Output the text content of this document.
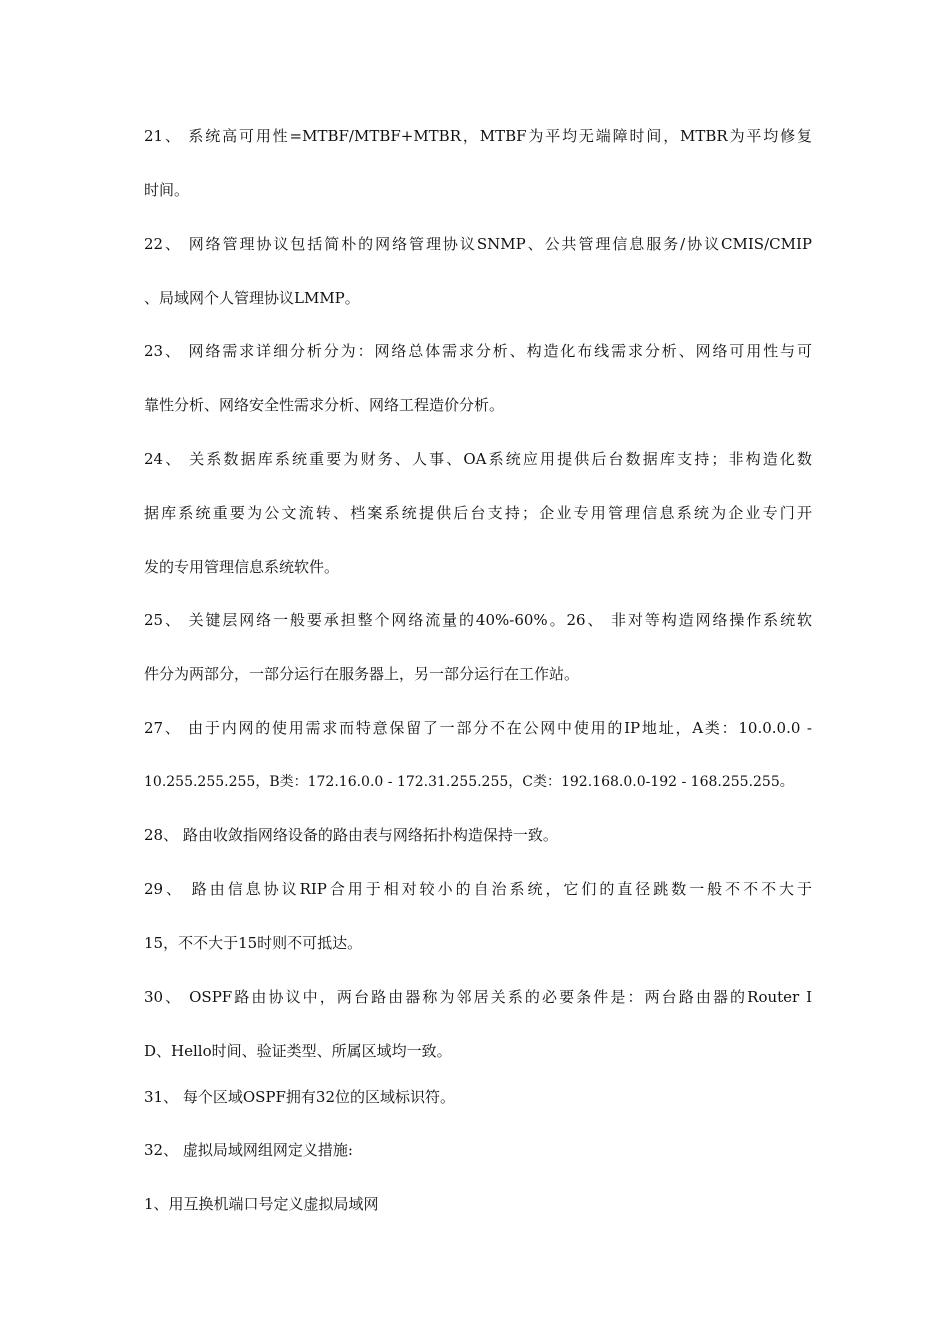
21、 系统高可用性=MTBF/MTBF+MTBR，MTBF为平均无端障时间，MTBR为平均修复
时间。
22、 网络管理协议包括简朴的网络管理协议SNMP、公共管理信息服务/协议CMIS/CMIP
、局域网个人管理协议LMMP。
23、 网络需求详细分析分为：网络总体需求分析、构造化布线需求分析、网络可用性与可
靠性分析、网络安全性需求分析、网络工程造价分析。
24、 关系数据库系统重要为财务、人事、OA系统应用提供后台数据库支持；非构造化数
据库系统重要为公文流转、档案系统提供后台支持；企业专用管理信息系统为企业专门开
发的专用管理信息系统软件。
25、 关键层网络一般要承担整个网络流量的40%-60%。26、 非对等构造网络操作系统软
件分为两部分，一部分运行在服务器上，另一部分运行在工作站。
27、 由于内网的使用需求而特意保留了一部分不在公网中使用的IP地址，A类：10.0.0.0 -
10.255.255.255，B类：172.16.0.0 - 172.31.255.255，C类：192.168.0.0-192 - 168.255.255。
28、 路由收敛指网络设备的路由表与网络拓扑构造保持一致。
29、 路由信息协议RIP合用于相对较小的自治系统，它们的直径跳数一般不不不大于
15，不不大于15时则不可抵达。
30、 OSPF路由协议中，两台路由器称为邻居关系的必要条件是：两台路由器的Router I
D、Hello时间、验证类型、所属区域均一致。
31、 每个区域OSPF拥有32位的区域标识符。
32、 虚拟局域网组网定义措施:
1、用互换机端口号定义虚拟局域网
